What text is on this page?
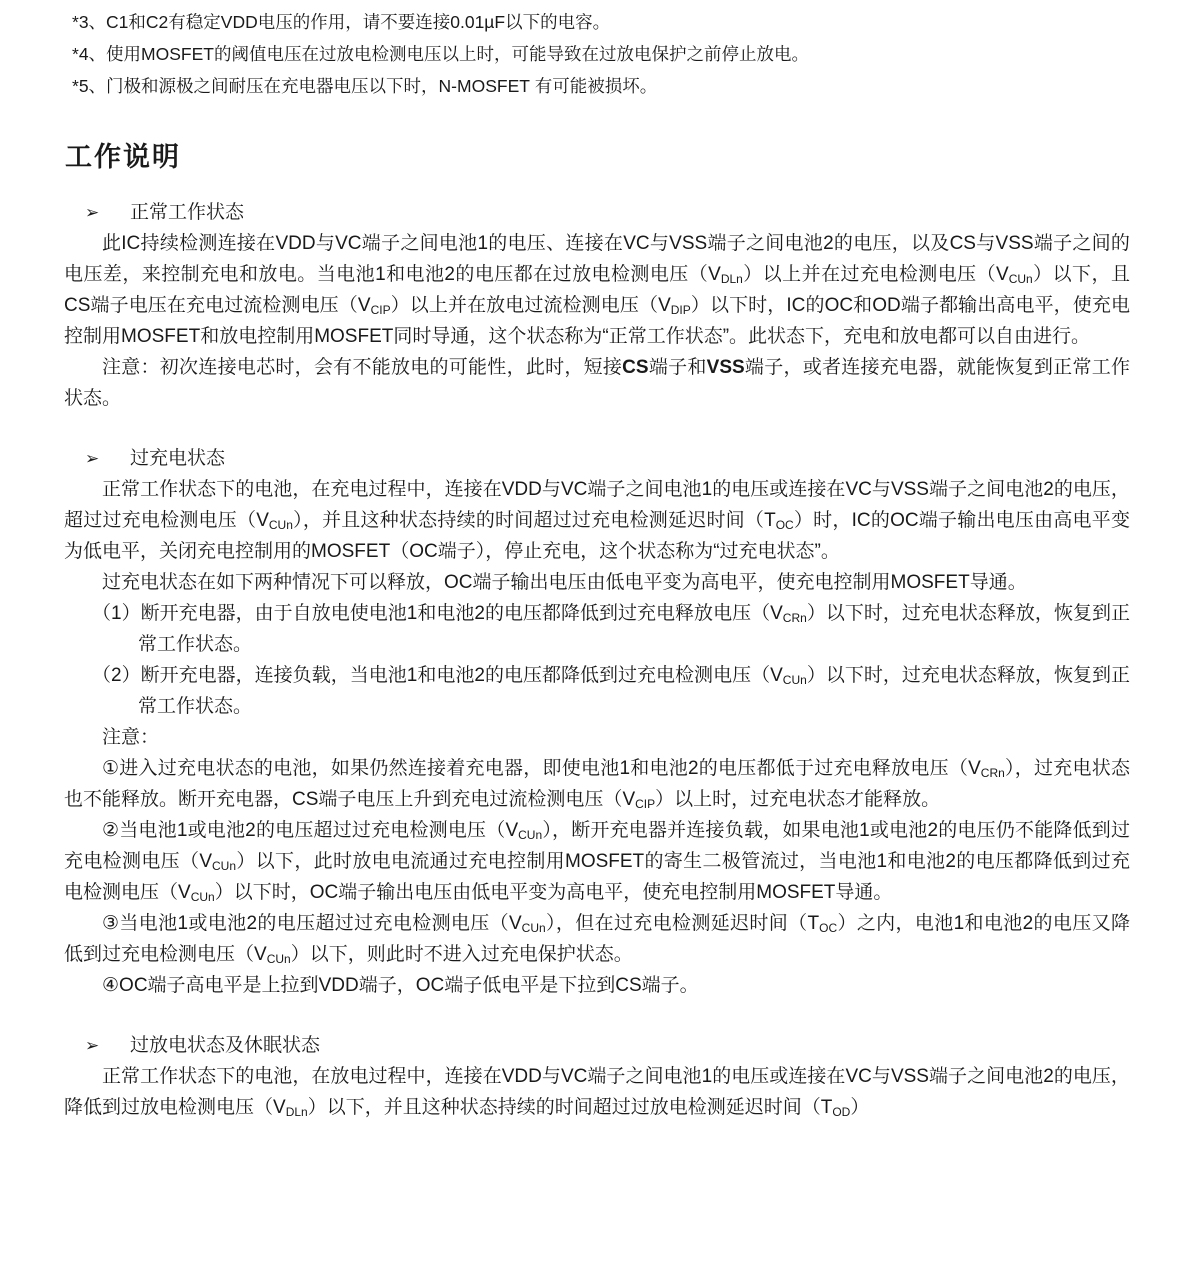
*3、C1和C2有稳定VDD电压的作用，请不要连接0.01µF以下的电容。

*4、使用MOSFET的阈值电压在过放电检测电压以上时，可能导致在过放电保护之前停止放电。

*5、门极和源极之间耐压在充电器电压以下时，N-MOSFET 有可能被损坏。

工作说明
➢ 正常工作状态

此IC持续检测连接在VDD与VC端子之间电池1的电压、连接在VC与VSS端子之间电池2的电压，以及CS与VSS端子之间的电压差，来控制充电和放电。当电池1和电池2的电压都在过放电检测电压$(V_{DLn})$以上并在过充电检测电压$(V_{CUn})$以下，且CS端子电压在充电过流检测电压$(V_{CIP})$以上并在放电过流检测电压$(V_{DIP})$以下时，IC的OC和OD端子都输出高电平，使充电控制用MOSFET和放电控制用MOSFET同时导通，这个状态称为“正常工作状态”。此状态下，充电和放电都可以自由进行。

注意：初次连接电芯时，会有不能放电的可能性，此时，短接CS端子和VSS端子，或者连接充电器，就能恢复到正常工作状态。

➢ 过充电状态

正常工作状态下的电池，在充电过程中，连接在VDD与VC端子之间电池1的电压或连接在VC与VSS端子之间电池2的电压，超过过充电检测电压$(V_{CUn})$，并且这种状态持续的时间超过过充电检测延迟时间$(T_{OC})$时，IC的OC端子输出电压由高电平变为低电平，关闭充电控制用的MOSFET（OC端子），停止充电，这个状态称为“过充电状态”。

过充电状态在如下两种情况下可以释放，OC端子输出电压由低电平变为高电平，使充电控制用MOSFET导通。

（1）断开充电器，由于自放电使电池1和电池2的电压都降低到过充电释放电压$(V_{CRn})$以下时，过充电状态释放，恢复到正常工作状态。

（2）断开充电器，连接负载，当电池1和电池2的电压都降低到过充电检测电压$(V_{CUn})$以下时，过充电状态释放，恢复到正常工作状态。

注意：

①进入过充电状态的电池，如果仍然连接着充电器，即使电池1和电池2的电压都低于过充电释放电压$(V_{CRn})$，过充电状态也不能释放。断开充电器，CS端子电压上升到充电过流检测电压$(V_{CIP})$以上时，过充电状态才能释放。

②当电池1或电池2的电压超过过充电检测电压$(V_{CUn})$，断开充电器并连接负载，如果电池1或电池2的电压仍不能降低到过充电检测电压$(V_{CUn})$以下，此时放电电流通过充电控制用MOSFET的寄生二极管流过，当电池1和电池2的电压都降低到过充电检测电压$(V_{CUn})$以下时，OC端子输出电压由低电平变为高电平，使充电控制用MOSFET导通。

③当电池1或电池2的电压超过过充电检测电压$(V_{CUn})$，但在过充电检测延迟时间$(T_{OC})$之内，电池1和电池2的电压又降低到过充电检测电压$(V_{CUn})$以下，则此时不进入过充电保护状态。

④OC端子高电平是上拉到VDD端子，OC端子低电平是下拉到CS端子。

➢ 过放电状态及休眠状态

正常工作状态下的电池，在放电过程中，连接在VDD与VC端子之间电池1的电压或连接在VC与VSS端子之间电池2的电压，降低到过放电检测电压$(V_{DLn})$以下，并且这种状态持续的时间超过过放电检测延迟时间$(T_{OD})$
